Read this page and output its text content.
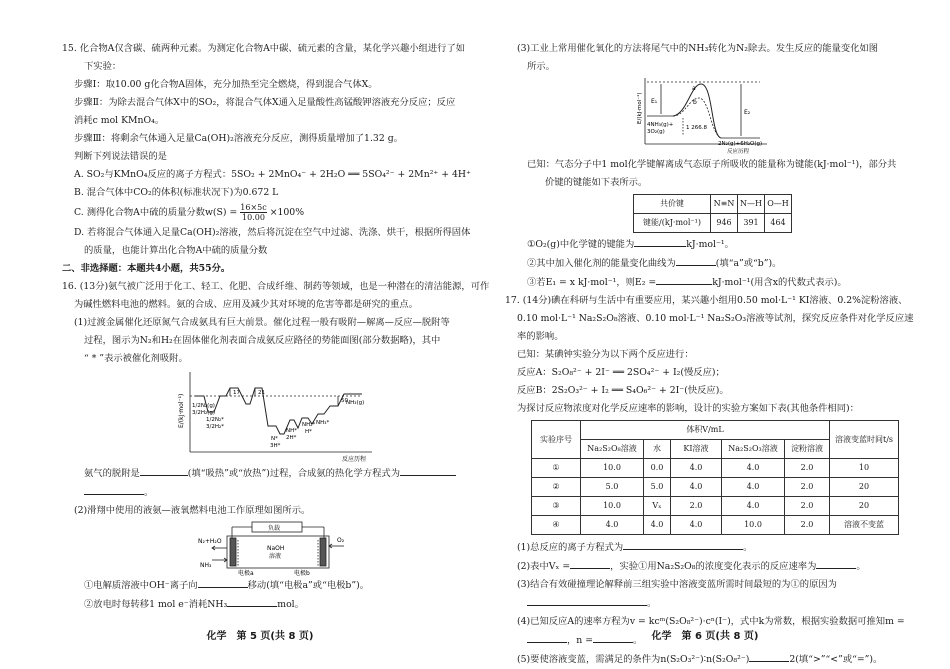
15. 化合物A仅含碳、硫两种元素。为测定化合物A中碳、硫元素的含量，某化学兴趣小组进行了如

下实验：

步骤Ⅰ：取10.00 g化合物A固体，充分加热至完全燃烧，得到混合气体X。

步骤Ⅱ：为除去混合气体X中的SO₂，将混合气体X通入足量酸性高锰酸钾溶液充分反应；反应

消耗c mol KMnO₄。

步骤Ⅲ：将剩余气体通入足量Ca(OH)₂溶液充分反应，测得质量增加了1.32 g。

判断下列说法错误的是

A. SO₂与KMnO₄反应的离子方程式：5SO₂ + 2MnO₄⁻ + 2H₂O ══ 5SO₄²⁻ + 2Mn²⁺ + 4H⁺

B. 混合气体中CO₂的体积(标准状况下)为0.672 L

C. 测得化合物A中硫的质量分数$w(S) = \frac{16\times 5c}{10.00} \times 100\%$

D. 若将混合气体通入足量Ca(OH)₂溶液，然后将沉淀在空气中过滤、洗涤、烘干，根据所得固体

的质量，也能计算出化合物A中硫的质量分数

二、非选择题：本题共4小题，共55分。

16. (13分)氨气被广泛用于化工、轻工、化肥、合成纤维、制药等领域，也是一种潜在的清洁能源，可作

为碱性燃料电池的燃料。氨的合成、应用及减少其对环境的危害等都是研究的重点。

(1)过渡金属催化还原氮气合成氨具有巨大前景。催化过程一般有吸附—解离—反应—脱附等

过程，图示为N₂和H₂在固体催化剂表面合成氨反应路径的势能面图(部分数据略)，其中

“ * ”表示被催化剂吸附。

E/(kJ·mol⁻¹)
反应历程
1/2N₂(g)
3/2H₂(g)
1/2N₂*
3/2H₂*
N*
3H*
NH*
2H*
NH₂*
H*
NH₃*
NH₃(g)
17	21
50

氨气的脱附是	(填“吸热”或“放热”)过程，合成氨的热化学方程式为

。

(2)滑翔中使用的液氨—液氧燃料电池工作原理如图所示。

负载
N₂+H₂O
NH₃
O₂
NaOH
溶液
电极a	电极b

①电解质溶液中OH⁻离子向	移动(填“电极a”或“电极b”)。

②放电时每转移1 mol e⁻消耗NH₃	mol。

化学　第 5 页(共 8 页)

(3)工业上常用催化氧化的方法将尾气中的NH₃转化为N₂除去。发生反应的能量变化如图

所示。

E/(kJ·mol⁻¹)
反应历程
E₁
E₂
a
b
4NH₃(g)+
3O₂(g)
1 266.8
2N₂(g)+6H₂O(g)

已知：气态分子中1 mol化学键解离成气态原子所吸收的能量称为键能(kJ·mol⁻¹)，部分共

价键的键能如下表所示。

共价键	N≡N	N—H	O—H
键能/(kJ·mol⁻¹)	946	391	464

①O₂(g)中化学键的键能为	kJ·mol⁻¹。

②其中加入催化剂的能量变化曲线为	(填“a”或“b”)。

③若E₁ = x kJ·mol⁻¹，则E₂ =	kJ·mol⁻¹(用含x的代数式表示)。

17. (14分)碘在科研与生活中有重要应用，某兴趣小组用0.50 mol·L⁻¹ KI溶液、0.2%淀粉溶液、

0.10 mol·L⁻¹ Na₂S₂O₈溶液、0.10 mol·L⁻¹ Na₂S₂O₃溶液等试剂，探究反应条件对化学反应速

率的影响。

已知：某碘钟实验分为以下两个反应进行：

反应A：S₂O₈²⁻ + 2I⁻ ══ 2SO₄²⁻ + I₂(慢反应)；

反应B：2S₂O₃²⁻ + I₂ ══ S₄O₆²⁻ + 2I⁻(快反应)。

为探讨反应物浓度对化学反应速率的影响，设计的实验方案如下表(其他条件相同)：

实验序号	体积V/mL					溶液变蓝时间t/s
	Na₂S₂O₈溶液	水	KI溶液	Na₂S₂O₃溶液	淀粉溶液	
①	10.0	0.0	4.0	4.0	2.0	10
②	5.0	5.0	4.0	4.0	2.0	20
③	10.0	Vₓ	2.0	4.0	2.0	20
④	4.0	4.0	4.0	10.0	2.0	溶液不变蓝

(1)总反应的离子方程式为	。

(2)表中Vₓ =	，实验①用Na₂S₂O₈的浓度变化表示的反应速率为	。

(3)结合有效碰撞理论解释前三组实验中溶液变蓝所需时间最短的为①的原因为

。

(4)已知反应A的速率方程为v = kcᵐ(S₂O₈²⁻)·cⁿ(I⁻)，式中k为常数，根据实验数据可推知m =

，n =	。

(5)要使溶液变蓝，需满足的条件为n(S₂O₃²⁻)∶n(S₂O₈²⁻)	2(填“>”“<”或“=”)。

化学　第 6 页(共 8 页)
